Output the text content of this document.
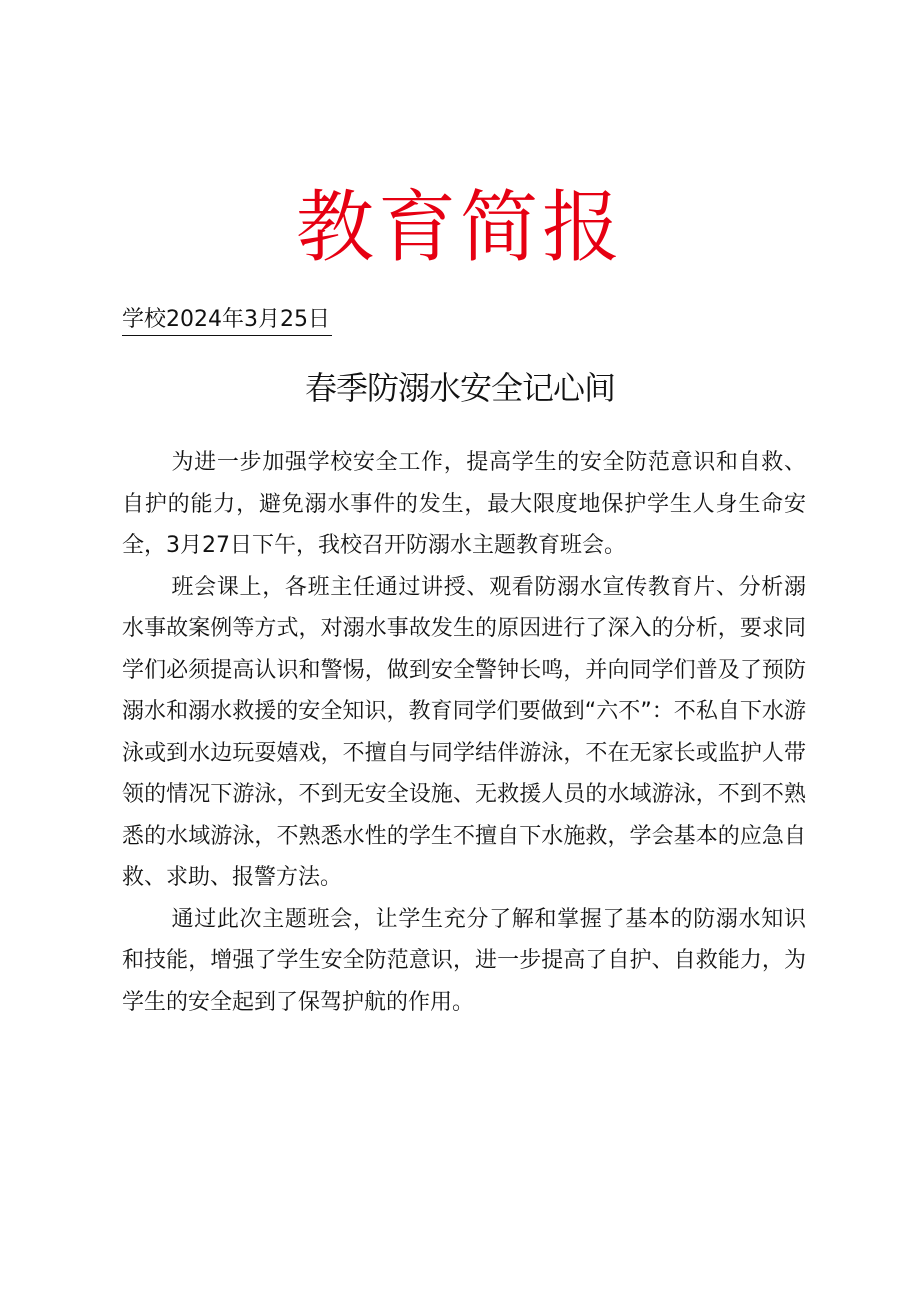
教育简报
学校2024年3月25日
春季防溺水安全记心间

为进一步加强学校安全工作，提高学生的安全防范意识和自救、自护的能力，避免溺水事件的发生，最大限度地保护学生人身生命安全，3月27日下午，我校召开防溺水主题教育班会。

班会课上，各班主任通过讲授、观看防溺水宣传教育片、分析溺水事故案例等方式，对溺水事故发生的原因进行了深入的分析，要求同学们必须提高认识和警惕，做到安全警钟长鸣，并向同学们普及了预防溺水和溺水救援的安全知识，教育同学们要做到“六不”：不私自下水游泳或到水边玩耍嬉戏，不擅自与同学结伴游泳，不在无家长或监护人带领的情况下游泳，不到无安全设施、无救援人员的水域游泳，不到不熟悉的水域游泳，不熟悉水性的学生不擅自下水施救，学会基本的应急自救、求助、报警方法。

通过此次主题班会，让学生充分了解和掌握了基本的防溺水知识和技能，增强了学生安全防范意识，进一步提高了自护、自救能力，为学生的安全起到了保驾护航的作用。
